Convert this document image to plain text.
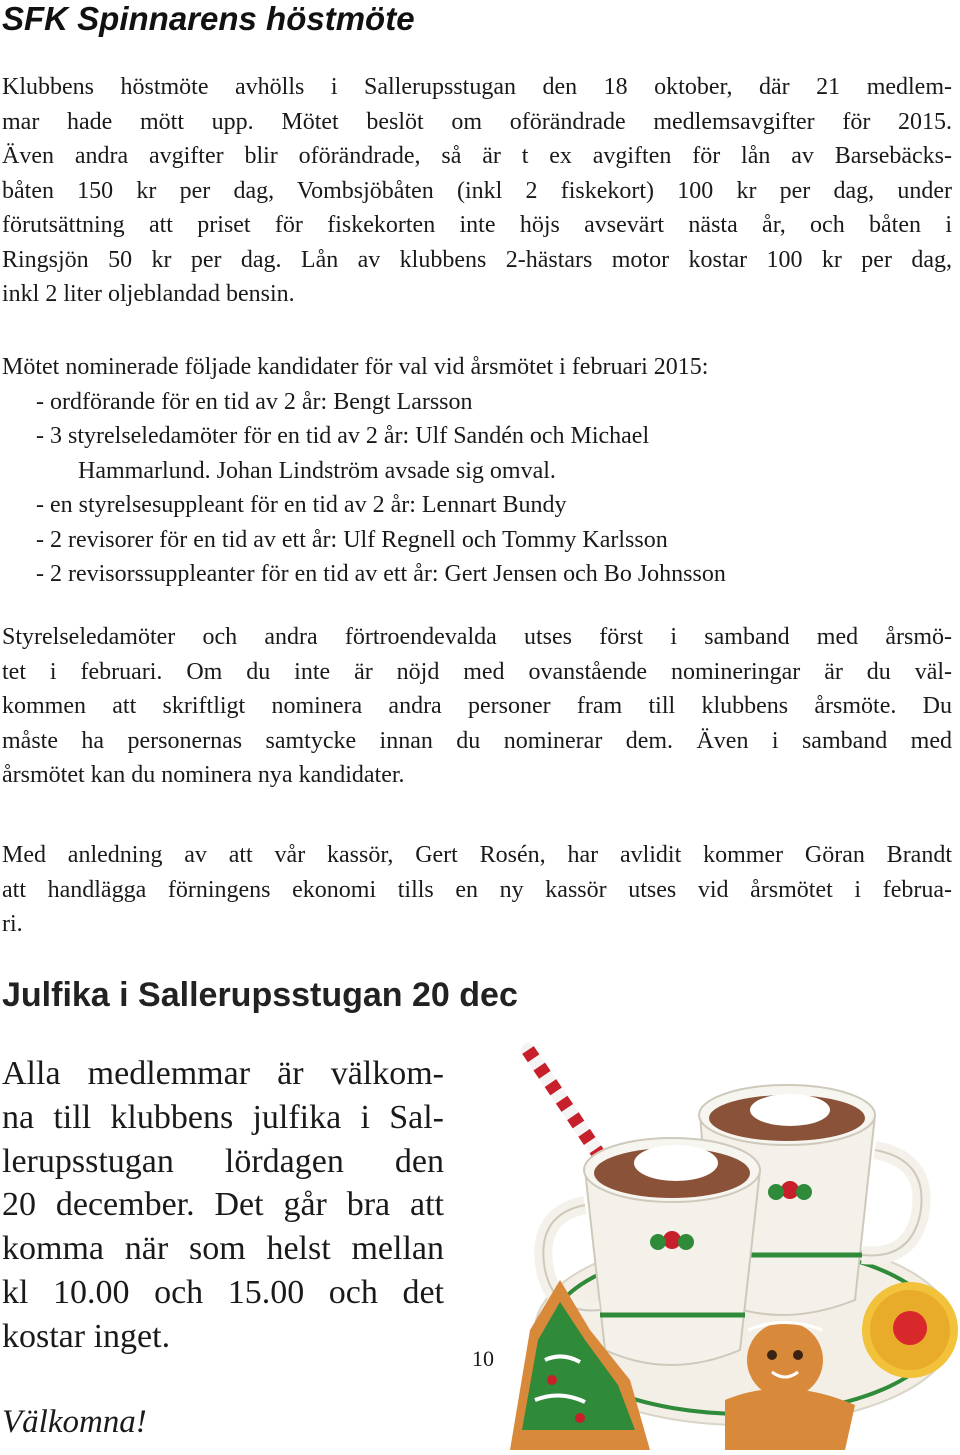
SFK Spinnarens höstmöte
Klubbens höstmöte avhölls i Sallerupsstugan den 18 oktober, där 21 medlem-
mar hade mött upp. Mötet beslöt om oförändrade medlemsavgifter för 2015.
Även andra avgifter blir oförändrade, så är t ex avgiften för lån av Barsebäcks-
båten 150 kr per dag, Vombsjöbåten (inkl 2 fiskekort) 100 kr per dag, under
förutsättning att priset för fiskekorten inte höjs avsevärt nästa år, och båten i
Ringsjön 50 kr per dag. Lån av klubbens 2-hästars motor kostar 100 kr per dag,
inkl 2 liter oljeblandad bensin.
Mötet nominerade följade kandidater för val vid årsmötet i februari 2015:
- ordförande för en tid av 2 år: Bengt Larsson
- 3 styrelseledamöter för en tid av 2 år: Ulf Sandén och Michael
Hammarlund. Johan Lindström avsade sig omval.
- en styrelsesuppleant för en tid av 2 år: Lennart Bundy
- 2 revisorer för en tid av ett år: Ulf Regnell och Tommy Karlsson
- 2 revisorssuppleanter för en tid av ett år: Gert Jensen och Bo Johnsson
Styrelseledamöter och andra förtroendevalda utses först i samband med årsmö-
tet i februari. Om du inte är nöjd med ovanstående nomineringar är du väl-
kommen att skriftligt nominera andra personer fram till klubbens årsmöte. Du
måste ha personernas samtycke innan du nominerar dem. Även i samband med
årsmötet kan du nominera nya kandidater.
Med anledning av att vår kassör, Gert Rosén, har avlidit kommer Göran Brandt
att handlägga förningens ekonomi tills en ny kassör utses vid årsmötet i februa-
ri.
Julfika i Sallerupsstugan 20 dec
Alla medlemmar är välkom-
na till klubbens julfika i Sal-
lerupsstugan lördagen den
20 december. Det går bra att
komma när som helst mellan
kl 10.00 och 15.00 och det
kostar inget.
Välkomna!
10
